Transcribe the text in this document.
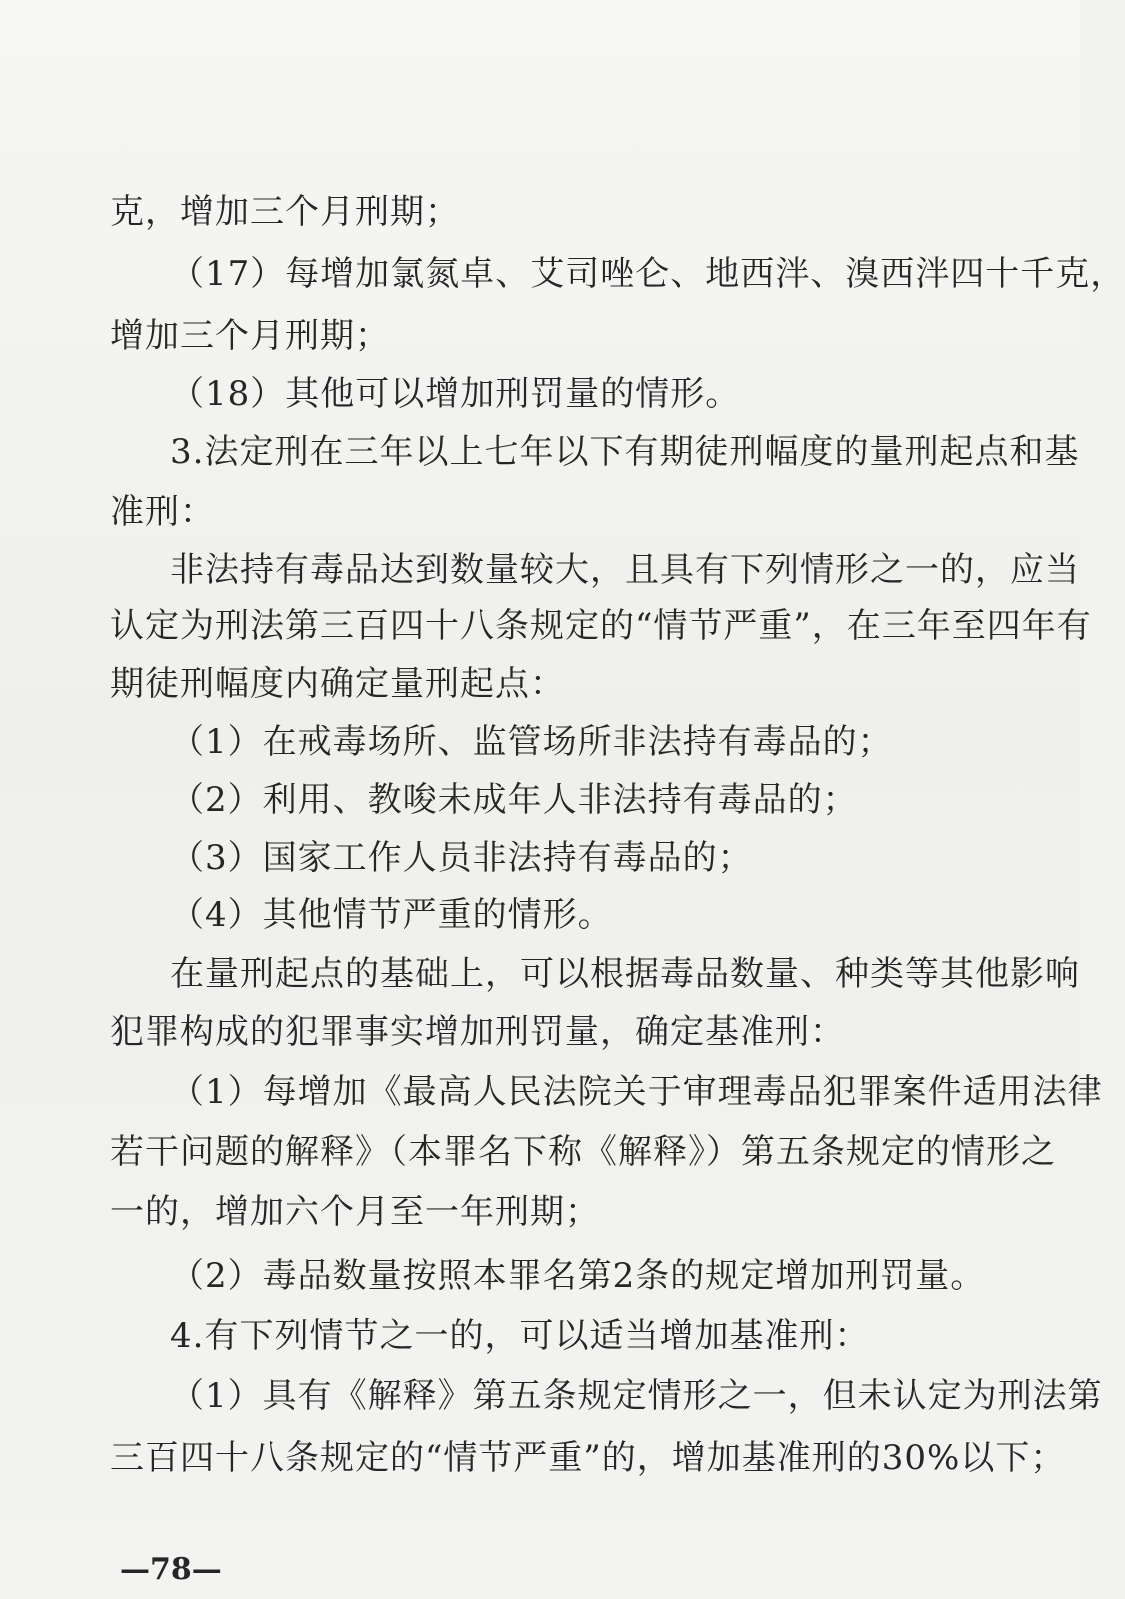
克，增加三个月刑期；
（17）每增加氯氮卓、艾司唑仑、地西泮、溴西泮四十千克，
增加三个月刑期；
（18）其他可以增加刑罚量的情形。
3.法定刑在三年以上七年以下有期徒刑幅度的量刑起点和基
准刑：
非法持有毒品达到数量较大，且具有下列情形之一的，应当
认定为刑法第三百四十八条规定的“情节严重”，在三年至四年有
期徒刑幅度内确定量刑起点：
（1）在戒毒场所、监管场所非法持有毒品的；
（2）利用、教唆未成年人非法持有毒品的；
（3）国家工作人员非法持有毒品的；
（4）其他情节严重的情形。
在量刑起点的基础上，可以根据毒品数量、种类等其他影响
犯罪构成的犯罪事实增加刑罚量，确定基准刑：
（1）每增加《最高人民法院关于审理毒品犯罪案件适用法律
若干问题的解释》（本罪名下称《解释》）第五条规定的情形之
一的，增加六个月至一年刑期；
（2）毒品数量按照本罪名第2条的规定增加刑罚量。
4.有下列情节之一的，可以适当增加基准刑：
（1）具有《解释》第五条规定情形之一，但未认定为刑法第
三百四十八条规定的“情节严重”的，增加基准刑的30%以下；
—78—
